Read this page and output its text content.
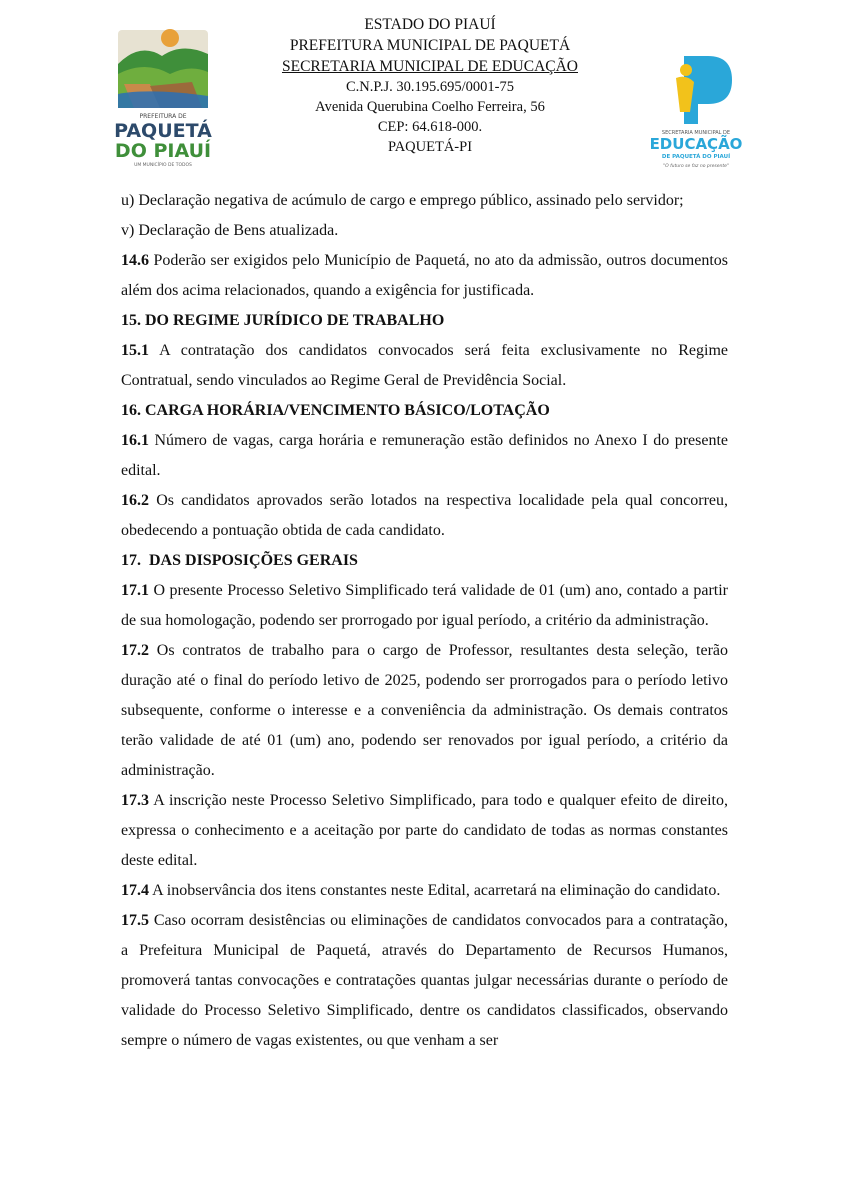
PREFEITURA DE
PAQUETÁ
DO PIAUÍ
UM MUNICÍPIO DE TODOS
ESTADO DO PIAUÍ
PREFEITURA MUNICIPAL DE PAQUETÁ
SECRETARIA MUNICIPAL DE EDUCAÇÃO
C.N.P.J. 30.195.695/0001-75
Avenida Querubina Coelho Ferreira, 56
CEP: 64.618-000.
PAQUETÁ-PI
SECRETARIA MUNICIPAL DE
EDUCAÇÃO
DE PAQUETÁ DO PIAUÍ
"O futuro se faz no presente"

u) Declaração negativa de acúmulo de cargo e emprego público, assinado pelo servidor;

v) Declaração de Bens atualizada.

14.6 Poderão ser exigidos pelo Município de Paquetá, no ato da admissão, outros documentos além dos acima relacionados, quando a exigência for justificada.

15. DO REGIME JURÍDICO DE TRABALHO

15.1 A contratação dos candidatos convocados será feita exclusivamente no Regime Contratual, sendo vinculados ao Regime Geral de Previdência Social.

16. CARGA HORÁRIA/VENCIMENTO BÁSICO/LOTAÇÃO

16.1 Número de vagas, carga horária e remuneração estão definidos no Anexo I do presente edital.

16.2 Os candidatos aprovados serão lotados na respectiva localidade pela qual concorreu, obedecendo a pontuação obtida de cada candidato.

17.  DAS DISPOSIÇÕES GERAIS

17.1 O presente Processo Seletivo Simplificado terá validade de 01 (um) ano, contado a partir de sua homologação, podendo ser prorrogado por igual período, a critério da administração.

17.2 Os contratos de trabalho para o cargo de Professor, resultantes desta seleção, terão duração até o final do período letivo de 2025, podendo ser prorrogados para o período letivo subsequente, conforme o interesse e a conveniência da administração. Os demais contratos terão validade de até 01 (um) ano, podendo ser renovados por igual período, a critério da administração.

17.3 A inscrição neste Processo Seletivo Simplificado, para todo e qualquer efeito de direito, expressa o conhecimento e a aceitação por parte do candidato de todas as normas constantes deste edital.

17.4 A inobservância dos itens constantes neste Edital, acarretará na eliminação do candidato.

17.5 Caso ocorram desistências ou eliminações de candidatos convocados para a contratação, a Prefeitura Municipal de Paquetá, através do Departamento de Recursos Humanos, promoverá tantas convocações e contratações quantas julgar necessárias durante o período de validade do Processo Seletivo Simplificado, dentre os candidatos classificados, observando sempre o número de vagas existentes, ou que venham a ser
